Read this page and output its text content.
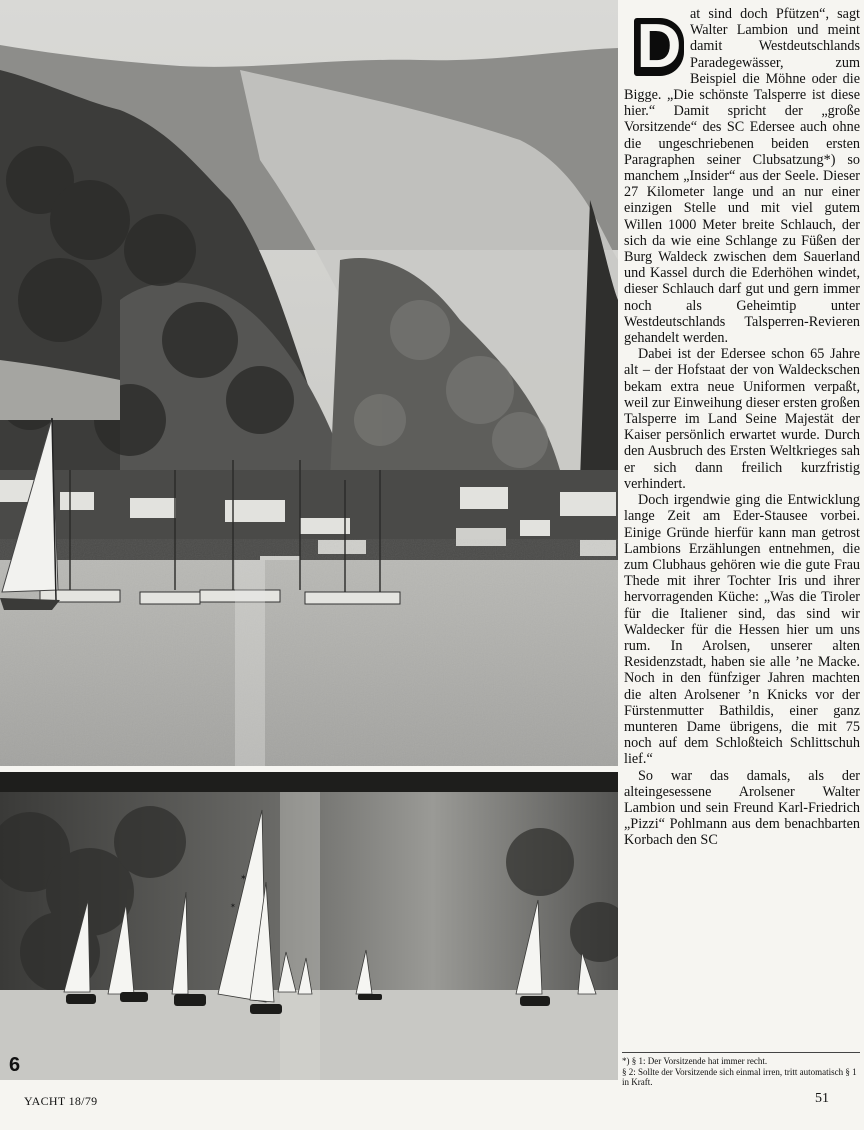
✶
✶
6

D at sind doch Pfützen“, sagt Walter Lambion und meint damit Westdeutschlands Paradegewässer, zum Beispiel die Möhne oder die Bigge. „Die schönste Talsperre ist diese hier.“ Damit spricht der „große Vorsitzende“ des SC Edersee auch ohne die ungeschriebenen beiden ersten Paragraphen seiner Clubsatzung*) so manchem „Insider“ aus der Seele. Dieser 27 Kilometer lange und an nur einer einzigen Stelle und mit viel gutem Willen 1000 Meter breite Schlauch, der sich da wie eine Schlange zu Füßen der Burg Waldeck zwischen dem Sauerland und Kassel durch die Ederhöhen windet, dieser Schlauch darf gut und gern immer noch als Geheimtip unter Westdeutschlands Talsperren-Revieren gehandelt werden.

Dabei ist der Edersee schon 65 Jahre alt – der Hofstaat der von Waldeckschen bekam extra neue Uniformen verpaßt, weil zur Einweihung dieser ersten großen Talsperre im Land Seine Majestät der Kaiser persönlich erwartet wurde. Durch den Ausbruch des Ersten Weltkrieges sah er sich dann freilich kurzfristig verhindert.

Doch irgendwie ging die Entwicklung lange Zeit am Eder-Stausee vorbei. Einige Gründe hierfür kann man getrost Lambions Erzählungen entnehmen, die zum Clubhaus gehören wie die gute Frau Thede mit ihrer Tochter Iris und ihrer hervorragenden Küche: „Was die Tiroler für die Italiener sind, das sind wir Waldecker für die Hessen hier um uns rum. In Arolsen, unserer alten Residenzstadt, haben sie alle ’ne Macke. Noch in den fünfziger Jahren machten die alten Arolsener ’n Knicks vor der Fürstenmutter Bathildis, einer ganz munteren Dame übrigens, die mit 75 noch auf dem Schloßteich Schlittschuh lief.“

So war das damals, als der alteingesessene Arolsener Walter Lambion und sein Freund Karl-Friedrich „Pizzi“ Pohlmann aus dem benachbarten Korbach den SC

*) § 1: Der Vorsitzende hat immer recht.
§ 2: Sollte der Vorsitzende sich einmal irren, tritt automatisch § 1 in Kraft.
YACHT 18/79	51
